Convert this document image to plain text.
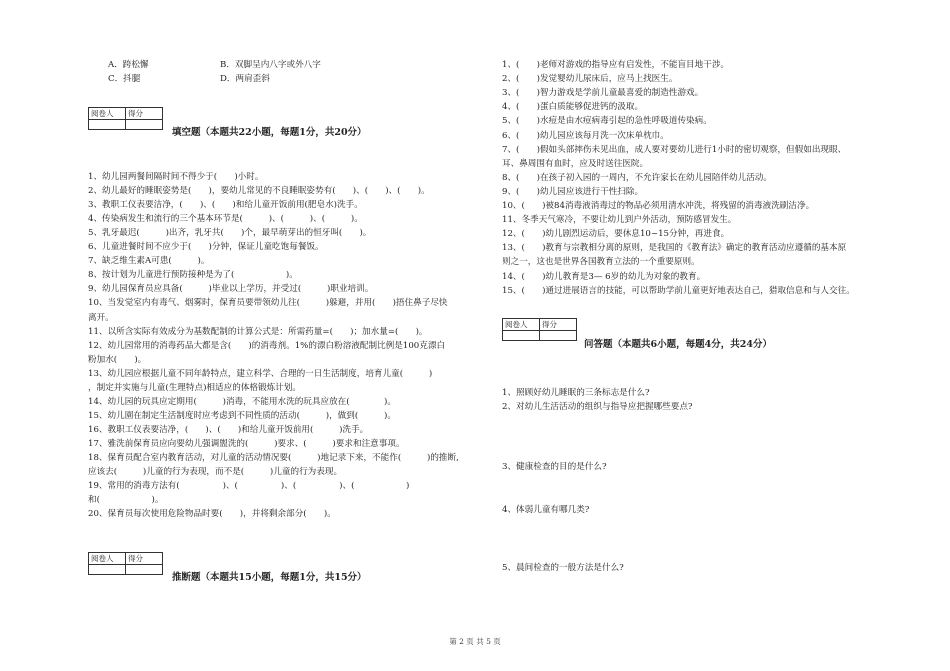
A．跨松懈	B．双脚呈内八字或外八字
C．抖腿	D．两肩歪斜
阅卷人	得分

填空题（本题共22小题，每题1分，共20分）
1、幼儿园两餐间隔时间不得少于(　　)小时。
2、幼儿最好的睡眠姿势是(　　)，要幼儿常见的不良睡眠姿势有(　　)、(　　)、(　　)。
3、教职工仪表要洁净，(　　)、(　　)和给儿童开饭前用(肥皂水)洗手。
4、传染病发生和流行的三个基本环节是(　　　)、(　　　)、(　　　)。
5、乳牙最迟(　　　)出齐，乳牙共(　　)个，最早萌芽出的恒牙叫(　　)。
6、儿童进餐时间不应少于(　　)分钟，保证儿童吃饱每餐饭。
7、缺乏维生素A可患(　　　)。
8、按计划为儿童进行预防接种是为了(　　　　　　)。
9、幼儿园保育员应具备(　　　)毕业以上学历，并受过(　　　)职业培训。
10、当发觉室内有毒气、烟雾时，保育员要带领幼儿往(　　　)躲避，并用(　　)捂住鼻子尽快
离开。
11、以所含实际有效成分为基数配制的计算公式是：所需药量=(　　)；加水量=(　　)。
12、幼儿园常用的消毒药品大都是含(　　)的消毒剂。1%的漂白粉溶液配制比例是100克漂白
粉加水(　　)。
13、幼儿园应根据儿童不同年龄特点，建立科学、合理的一日生活制度，培育儿童(　　　)
，制定并实施与儿童(生理特点)相适应的体格锻炼计划。
14、幼儿园的玩具应定期用(　　　)消毒，不能用水洗的玩具应放在(　　　　)。
15、幼儿園在制定生活制度时应考虑到不同性质的活动(　　　)，做到(　　　)。
16、教职工仪表要洁净，(　　)、(　　)和给儿童开饭前用(　　　)洗手。
17、雅洗前保育员应向要幼儿强调盥洗的(　　　)要求、(　　　)要求和注意事项。
18、保育员配合室内教育活动，对儿童的活动情况要(　　　)地记录下来，不能作(　　　)的推断,
应该去(　　　)儿童的行为表现，而不是(　　　)儿童的行为表现。
19、常用的消毒方法有(　　　　　)、(　　　　　)、(　　　　　)、(　　　　　　)
和(　　　　　　)。
20、保育员每次使用危险物品时要(　　)，并将剩余部分(　　)。
阅卷人	得分

推断题（本题共15小题，每题1分，共15分）
1、(　　)老师对游戏的指导应有启发性，不能盲目地干涉。
2、(　　)发觉婴幼儿尿床后，应马上找医生。
3、(　　)智力游戏是学前儿童最喜爱的制造性游戏。
4、(　　)蛋白质能够促进钙的汲取。
5、(　　)水痘是由水痘病毒引起的急性呼吸道传染病。
6、(　　)幼儿园应该每月洗一次床单枕巾。
7、(　　)假如头部摔伤未见出血，成人要对要幼儿进行1小时的密切观察，但假如出现眼、
耳、鼻周围有血时，应及时送往医院。
8、(　　)在孩子初入园的一周内，不允许家长在幼儿园陪伴幼儿活动。
9、(　　)幼儿园应该进行干性扫除。
10、(　　)被84消毒液消毒过的物品必须用清水冲洗，将残留的消毒液洗刷洁净。
11、冬季天气寒冷，不要让幼儿到户外活动，预防感冒发生。
12、(　　)幼儿剧烈运动后，要休息10~15分钟，再进食。
13、(　　)教育与宗教相分离的原则，是我国的《教育法》确定的教育活动应遵循的基本原
则之一，这也是世界各国教育立法的一个重要原则。
14、(　　)幼儿教育是3— 6岁的幼儿为对象的教育。
15、(　　)通过进展语言的技能，可以帮助学前儿童更好地表达自己，猎取信息和与人交往。
阅卷人	得分

问答题（本题共6小题，每题4分，共24分）
1、照顾好幼儿睡眠的三条标志是什么?
2、对幼儿生活活动的组织与指导应把握哪些要点?
3、健康检查的目的是什么?
4、体弱儿童有哪几类?
5、晨间检查的一般方法是什么?
第 2 页 共 5 页
